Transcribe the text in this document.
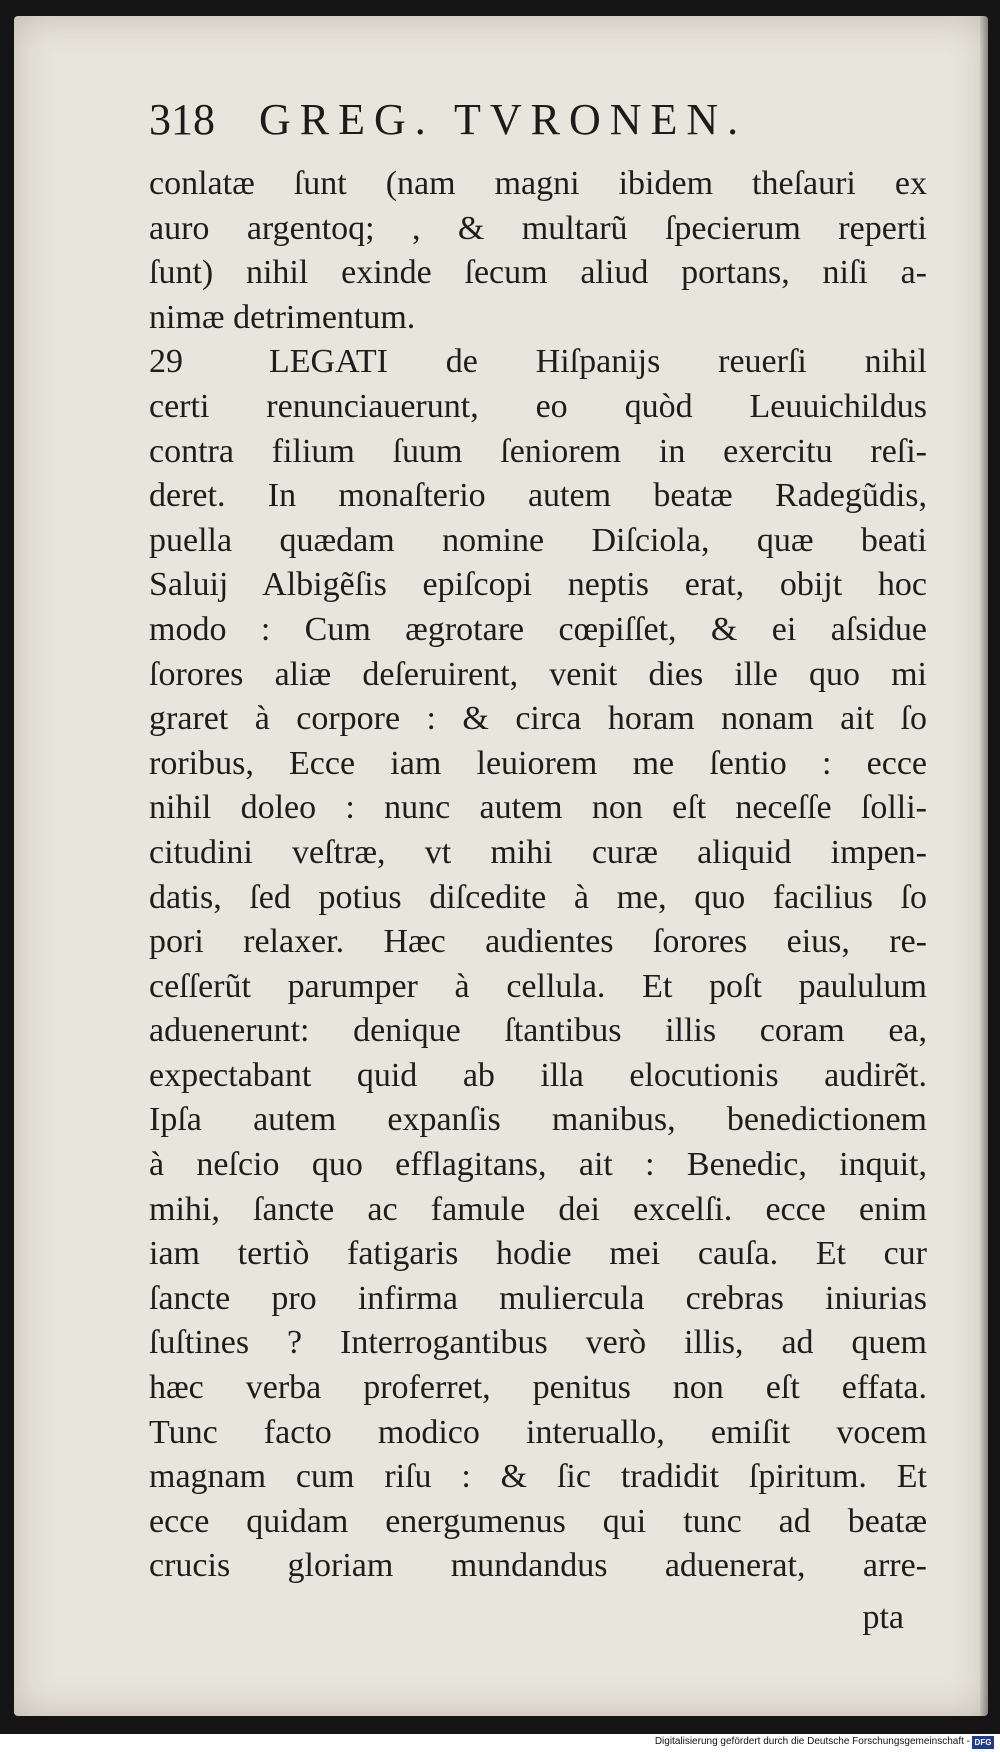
318	GREG. TVRONEN.
conlatæ ſunt (nam magni ibidem theſauri ex
auro argentoq; , & multarũ ſpecierum reperti
ſunt) nihil exinde ſecum aliud portans, niſi a-
nimæ detrimentum.
29	LEGATI de Hiſpanijs reuerſi nihil
certi renunciauerunt, eo quòd Leuuichildus
contra filium ſuum ſeniorem in exercitu reſi-
deret. In monaſterio autem beatæ Radegũdis,
puella quædam nomine Diſciola, quæ beati
Saluij Albigẽſis epiſcopi neptis erat, obijt hoc
modo : Cum ægrotare cœpiſſet, & ei aſsidue
ſorores aliæ deſeruirent, venit dies ille quo mi
graret à corpore : & circa horam nonam ait ſo
roribus, Ecce iam leuiorem me ſentio : ecce
nihil doleo : nunc autem non eſt neceſſe ſolli-
citudini veſtræ, vt mihi curæ aliquid impen-
datis, ſed potius diſcedite à me, quo facilius ſo
pori relaxer. Hæc audientes ſorores eius, re-
ceſſerũt parumper à cellula. Et poſt paululum
aduenerunt: denique ſtantibus illis coram ea,
expectabant quid ab illa elocutionis audirẽt.
Ipſa autem expanſis manibus, benedictionem
à neſcio quo efflagitans, ait : Benedic, inquit,
mihi, ſancte ac famule dei excelſi. ecce enim
iam tertiò fatigaris hodie mei cauſa. Et cur
ſancte pro infirma muliercula crebras iniurias
ſuſtines ? Interrogantibus verò illis, ad quem
hæc verba proferret, penitus non eſt effata.
Tunc facto modico interuallo, emiſit vocem
magnam cum riſu : & ſic tradidit ſpiritum. Et
ecce quidam energumenus qui tunc ad beatæ
crucis gloriam mundandus aduenerat, arre-
pta
Digitalisierung gefördert durch die Deutsche Forschungsgemeinschaft - DFG
